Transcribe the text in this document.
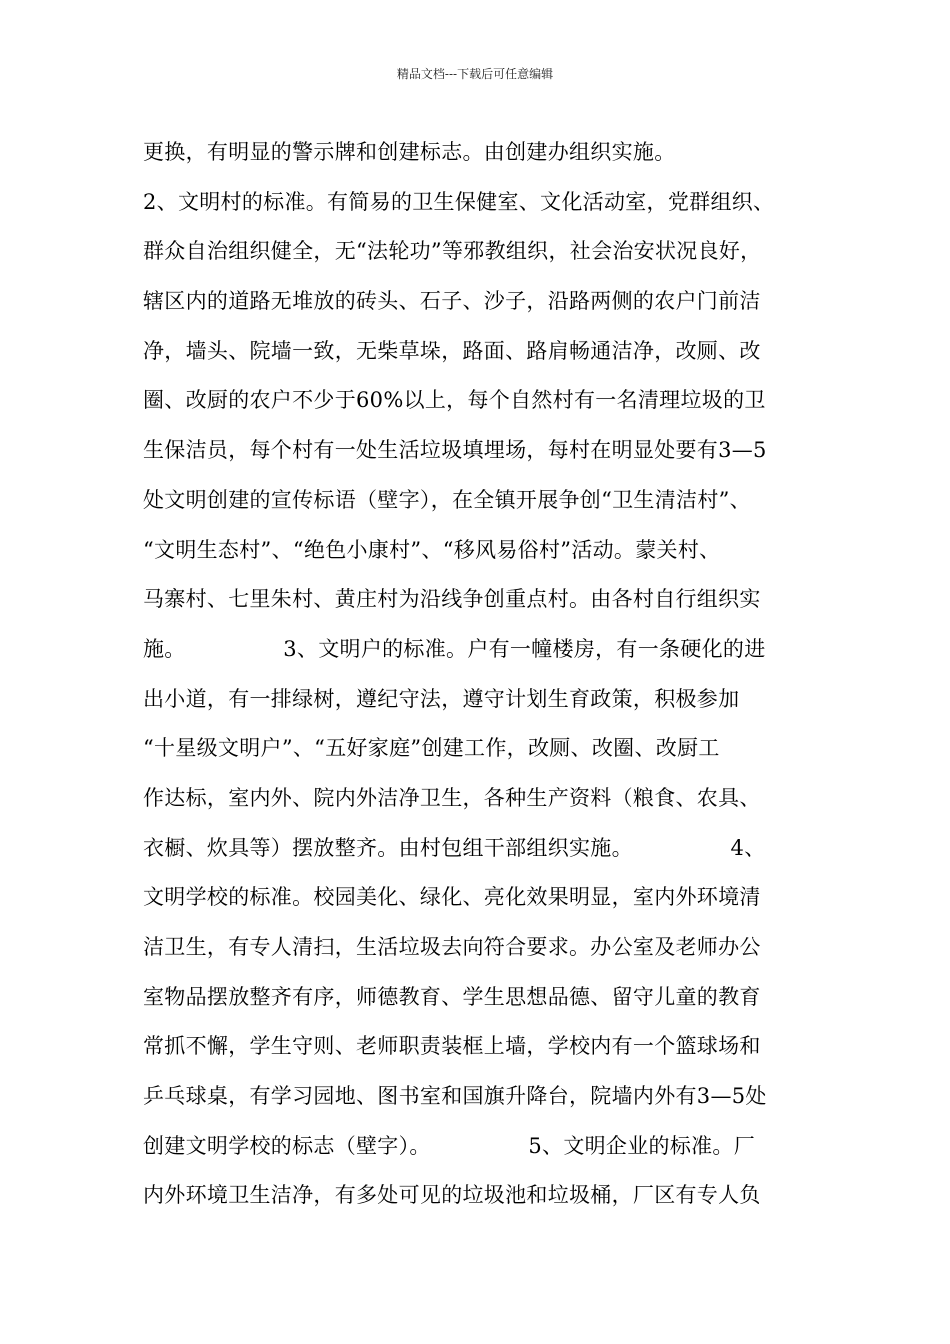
精品文档---下载后可任意编辑
更换，有明显的警示牌和创建标志。由创建办组织实施。
2、文明村的标准。有简易的卫生保健室、文化活动室，党群组织、
群众自治组织健全，无“法轮功”等邪教组织，社会治安状况良好，
辖区内的道路无堆放的砖头、石子、沙子，沿路两侧的农户门前洁
净，墙头、院墙一致，无柴草垛，路面、路肩畅通洁净，改厕、改
圈、改厨的农户不少于60%以上，每个自然村有一名清理垃圾的卫
生保洁员，每个村有一处生活垃圾填埋场，每村在明显处要有3—5
处文明创建的宣传标语（壁字），在全镇开展争创“卫生清洁村”、
“文明生态村”、“绝色小康村”、“移风易俗村”活动。蒙关村、
马寨村、七里朱村、黄庄村为沿线争创重点村。由各村自行组织实
施。              3、文明户的标准。户有一幢楼房，有一条硬化的进
出小道，有一排绿树，遵纪守法，遵守计划生育政策，积极参加
“十星级文明户”、“五好家庭”创建工作，改厕、改圈、改厨工
作达标，室内外、院内外洁净卫生，各种生产资料（粮食、农具、
衣橱、炊具等）摆放整齐。由村包组干部组织实施。              4、
文明学校的标准。校园美化、绿化、亮化效果明显，室内外环境清
洁卫生，有专人清扫，生活垃圾去向符合要求。办公室及老师办公
室物品摆放整齐有序，师德教育、学生思想品德、留守儿童的教育
常抓不懈，学生守则、老师职责装框上墙，学校内有一个篮球场和
乒乓球桌，有学习园地、图书室和国旗升降台，院墙内外有3—5处
创建文明学校的标志（壁字）。              5、文明企业的标准。厂
内外环境卫生洁净，有多处可见的垃圾池和垃圾桶，厂区有专人负
